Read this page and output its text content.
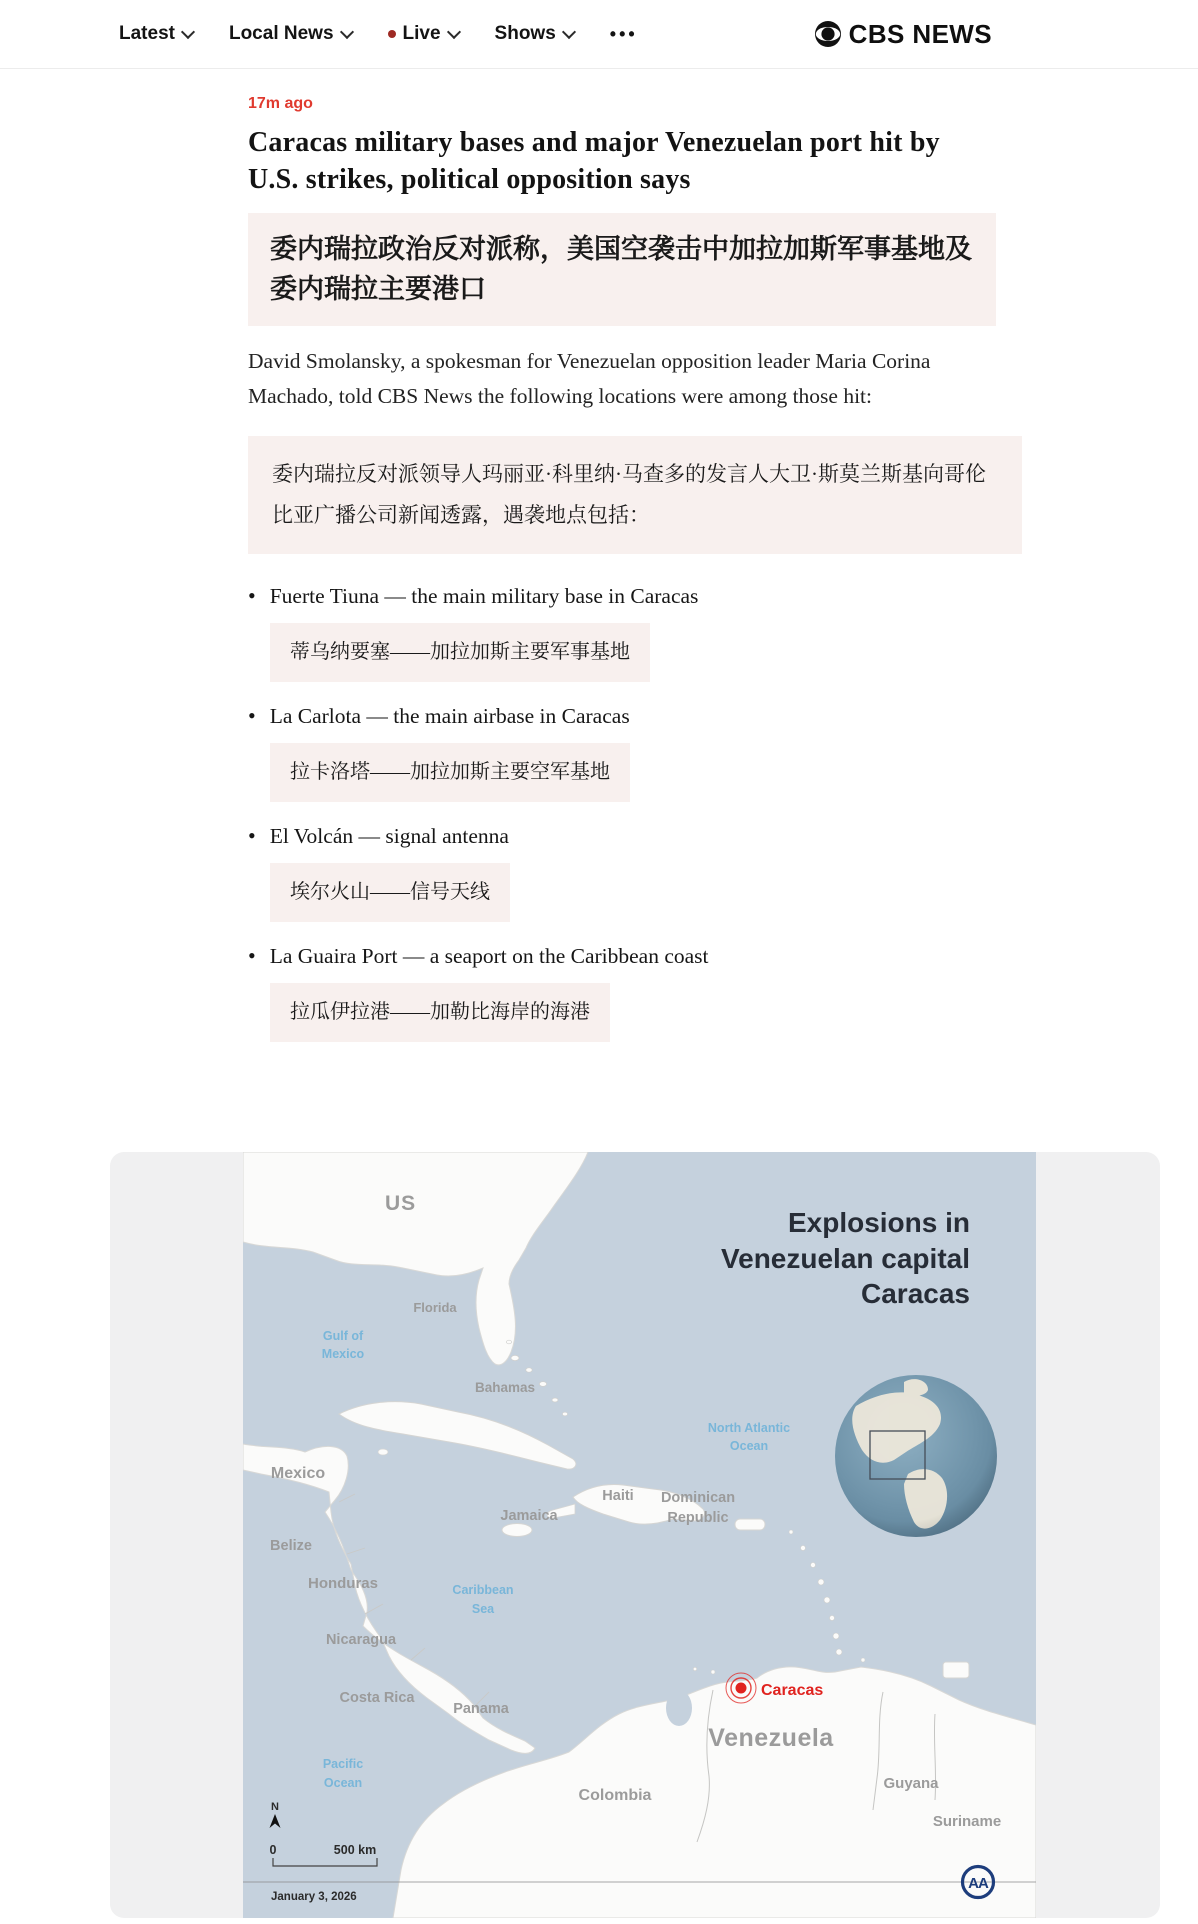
Latest	Local News	Live	Shows	•••	CBS NEWS
17m ago
Caracas military bases and major Venezuelan port hit by U.S. strikes, political opposition says
委内瑞拉政治反对派称，美国空袭击中加拉加斯军事基地及委内瑞拉主要港口

David Smolansky, a spokesman for Venezuelan opposition leader Maria Corina Machado, told CBS News the following locations were among those hit:

委内瑞拉反对派领导人玛丽亚·科里纳·马查多的发言人大卫·斯莫兰斯基向哥伦比亚广播公司新闻透露，遇袭地点包括：
• Fuerte Tiuna — the main military base in Caracas
蒂乌纳要塞——加拉加斯主要军事基地
• La Carlota — the main airbase in Caracas
拉卡洛塔——加拉加斯主要空军基地
• El Volcán — signal antenna
埃尔火山——信号天线
• La Guaira Port — a seaport on the Caribbean coast
拉瓜伊拉港——加勒比海岸的海港
Explosions in
Venezuelan capital
Caracas
US
Florida
Bahamas
Mexico
Belize
Honduras
Nicaragua
Costa Rica
Panama
Haiti Dominican
Republic
Jamaica
Venezuela
Colombia
Guyana
Suriname
Gulf of
Mexico
North Atlantic
Ocean
Caribbean
Sea
Pacific
Ocean
Caracas
N
0	500 km
January 3, 2026
AA
